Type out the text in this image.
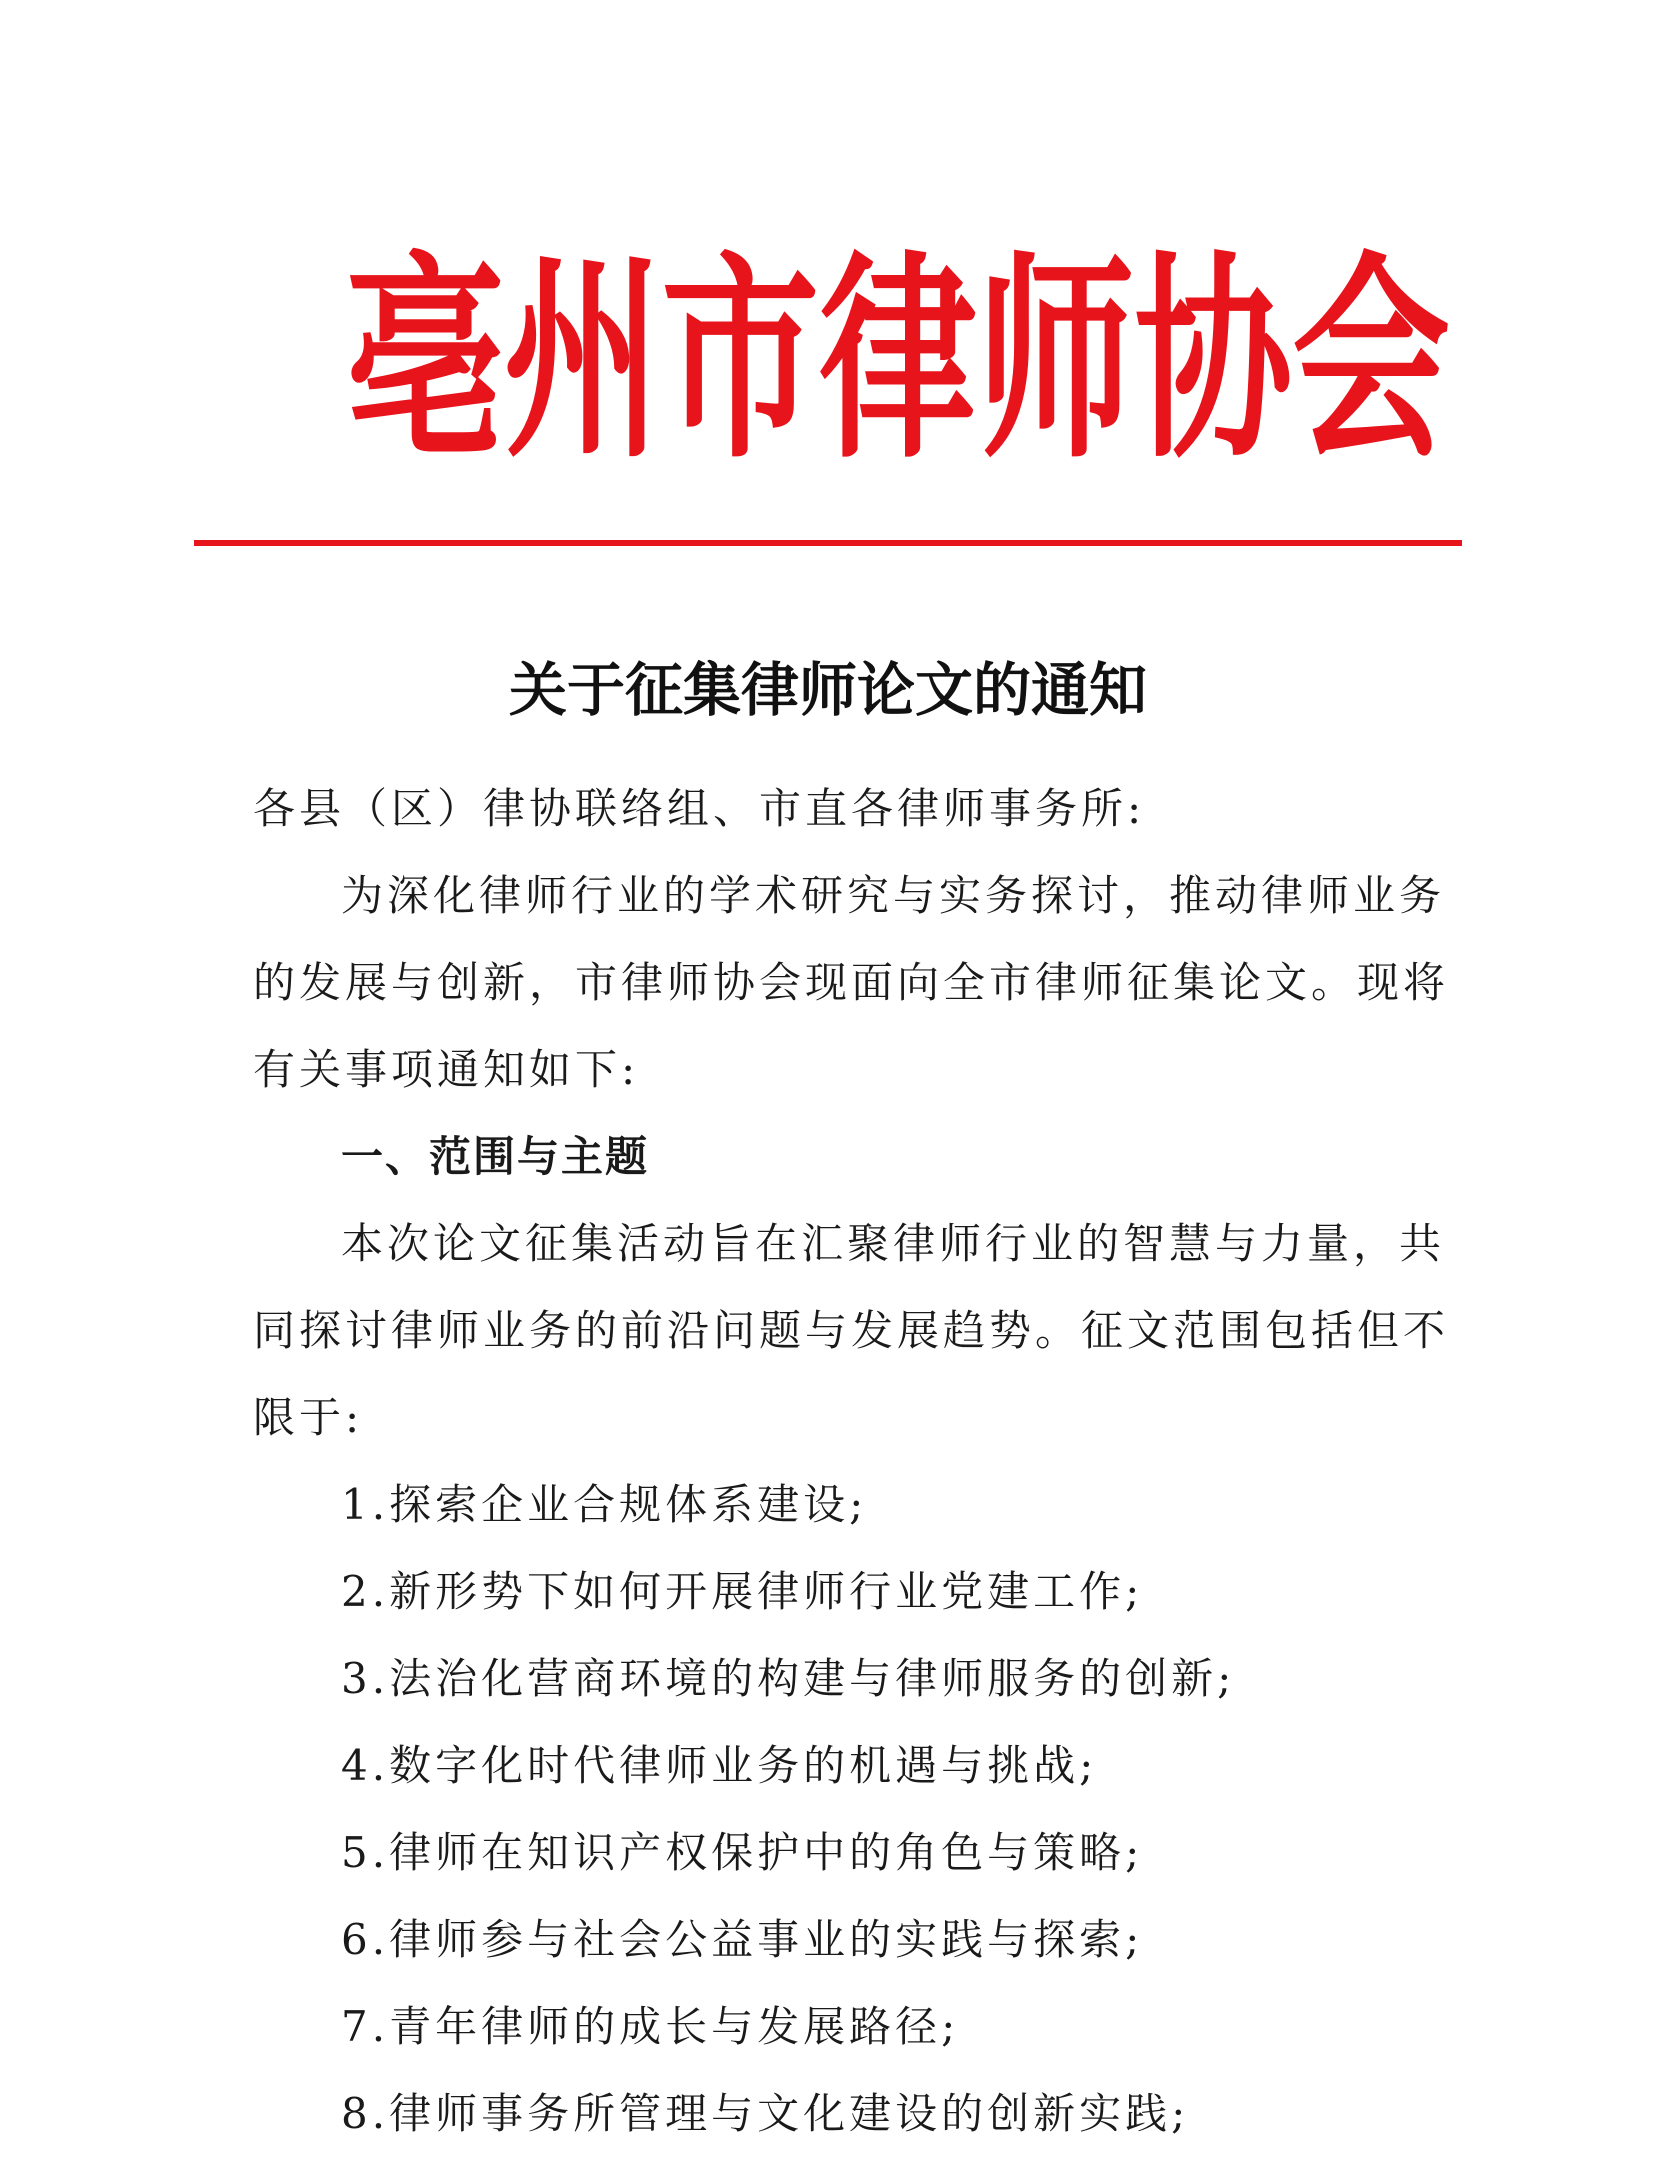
亳州市律师协会
关于征集律师论文的通知
各县（区）律协联络组、市直各律师事务所:
为深化律师行业的学术研究与实务探讨，推动律师业务
的发展与创新，市律师协会现面向全市律师征集论文。现将
有关事项通知如下:
一、范围与主题
本次论文征集活动旨在汇聚律师行业的智慧与力量，共
同探讨律师业务的前沿问题与发展趋势。征文范围包括但不
限于:
1.探索企业合规体系建设;
2.新形势下如何开展律师行业党建工作;
3.法治化营商环境的构建与律师服务的创新;
4.数字化时代律师业务的机遇与挑战;
5.律师在知识产权保护中的角色与策略;
6.律师参与社会公益事业的实践与探索;
7.青年律师的成长与发展路径;
8.律师事务所管理与文化建设的创新实践;
